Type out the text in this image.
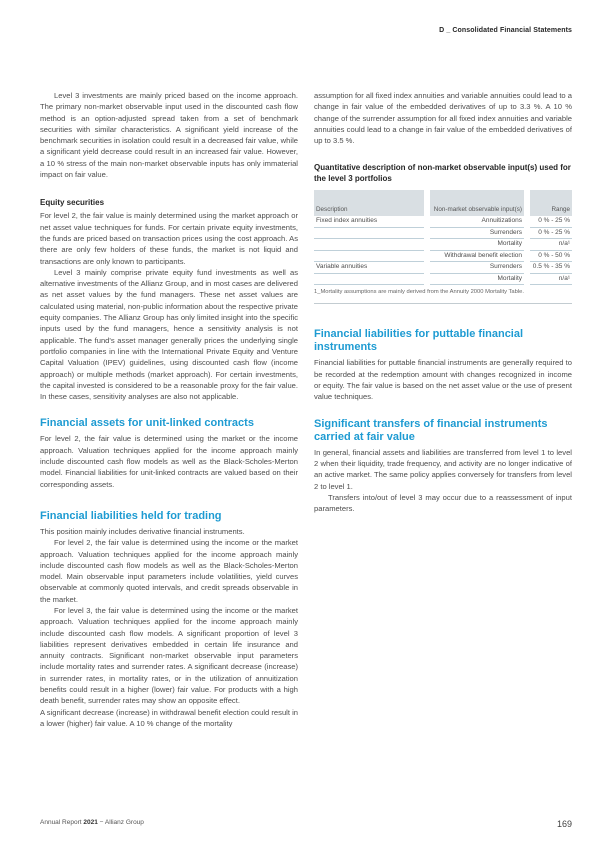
D _ Consolidated Financial Statements

Level 3 investments are mainly priced based on the income approach. The primary non-market observable input used in the discounted cash flow method is an option-adjusted spread taken from a set of benchmark securities with similar characteristics. A significant yield increase of the benchmark securities in isolation could result in a decreased fair value, while a significant yield decrease could result in an increased fair value. However, a 10 % stress of the main non-market observable inputs has only immaterial impact on fair value.

Equity securities

For level 2, the fair value is mainly determined using the market approach or net asset value techniques for funds. For certain private equity investments, the funds are priced based on transaction prices using the cost approach. As there are only few holders of these funds, the market is not liquid and transactions are only known to participants.

Level 3 mainly comprise private equity fund investments as well as alternative investments of the Allianz Group, and in most cases are delivered as net asset values by the fund managers. These net asset values are calculated using material, non-public information about the respective private equity companies. The Allianz Group has only limited insight into the specific inputs used by the fund managers, hence a sensitivity analysis is not applicable. The fund's asset manager generally prices the underlying single portfolio companies in line with the International Private Equity and Venture Capital Valuation (IPEV) guidelines, using discounted cash flow (income approach) or multiple methods (market approach). For certain investments, the capital invested is considered to be a reasonable proxy for the fair value. In these cases, sensitivity analyses are also not applicable.

Financial assets for unit-linked contracts

For level 2, the fair value is determined using the market or the income approach. Valuation techniques applied for the income approach mainly include discounted cash flow models as well as the Black-Scholes-Merton model. Financial liabilities for unit-linked contracts are valued based on their corresponding assets.

Financial liabilities held for trading

This position mainly includes derivative financial instruments.

For level 2, the fair value is determined using the income or the market approach. Valuation techniques applied for the income approach mainly include discounted cash flow models as well as the Black-Scholes-Merton model. Main observable input parameters include volatilities, yield curves observable at commonly quoted intervals, and credit spreads observable in the market.

For level 3, the fair value is determined using the income or the market approach. Valuation techniques applied for the income approach mainly include discounted cash flow models. A significant proportion of level 3 liabilities represent derivatives embedded in certain life insurance and annuity contracts. Significant non-market observable input parameters include mortality rates and surrender rates. A significant decrease (increase) in surrender rates, in mortality rates, or in the utilization of annuitization benefits could result in a higher (lower) fair value. For products with a high death benefit, surrender rates may show an opposite effect.

A significant decrease (increase) in withdrawal benefit election could result in a lower (higher) fair value. A 10 % change of the mortality

assumption for all fixed index annuities and variable annuities could lead to a change in fair value of the embedded derivatives of up to 3.3 %. A 10 % change of the surrender assumption for all fixed index annuities and variable annuities could lead to a change in fair value of the embedded derivatives of up to 3.5 %.

Quantitative description of non-market observable input(s) used for the level 3 portfolios
Description	Non-market observable input(s)	Range
Fixed index annuities	Annuitizations	0 % - 25 %
Surrenders	0 % - 25 %
Mortality	n/a¹
Withdrawal benefit election	0 % - 50 %
Variable annuities	Surrenders	0.5 % - 35 %
Mortality	n/a¹
1_Mortality assumptions are mainly derived from the Annuity 2000 Mortality Table.
Financial liabilities for puttable financial instruments

Financial liabilities for puttable financial instruments are generally required to be recorded at the redemption amount with changes recognized in income or equity. The fair value is based on the net asset value or the use of present value techniques.

Significant transfers of financial instruments carried at fair value

In general, financial assets and liabilities are transferred from level 1 to level 2 when their liquidity, trade frequency, and activity are no longer indicative of an active market. The same policy applies conversely for transfers from level 2 to level 1.

Transfers into/out of level 3 may occur due to a reassessment of input parameters.

Annual Report 2021 − Allianz Group	169
